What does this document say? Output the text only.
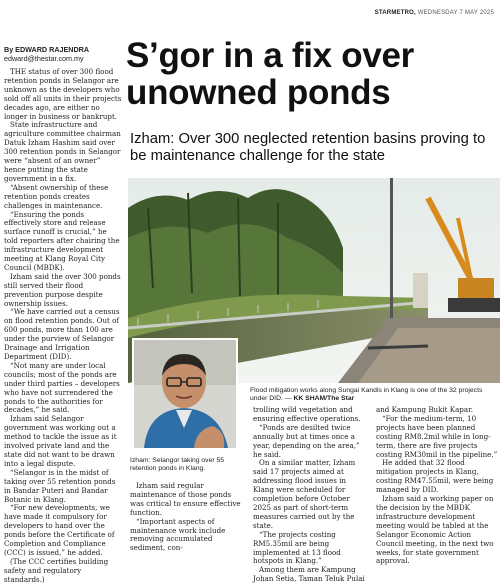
STARMETRO, WEDNESDAY 7 MAY 2025
By EDWARD RAJENDRA
edward@thestar.com.my

THE status of over 300 flood retention ponds in Selangor are unknown as the developers who sold off all units in their projects decades ago, are either no longer in business or bankrupt.

State infrastructure and agriculture committee chairman Datuk Izham Hashim said over 300 retention ponds in Selangor were “absent of an owner” hence putting the state government in a fix.

“Absent ownership of these retention ponds creates challenges in maintenance.

“Ensuring the ponds effectively store and release surface runoff is crucial,” he told reporters after chairing the infrastructure development meeting at Klang Royal City Council (MBDK).

Izham said the over 300 ponds still served their flood prevention purpose despite ownership issues.

“We have carried out a census on flood retention ponds. Out of 600 ponds, more than 100 are under the purview of Selangor Drainage and Irrigation Department (DID).

“Not many are under local councils; most of the ponds are under third parties – developers who have not surrendered the ponds to the authorities for decades,” he said.

Izham said Selangor government was working out a method to tackle the issue as it involved private land and the state did not want to be drawn into a legal dispute.

“Selangor is in the midst of taking over 55 retention ponds in Bandar Puteri and Bandar Botanic in Klang.

“For new developments, we have made it compulsory for developers to hand over the ponds before the Certificate of Completion and Compliance (CCC) is issued,” he added.

(The CCC certifies building safety and regulatory standards.)

S’gor in a fix over unowned ponds
Izham: Over 300 neglected retention basins proving to be maintenance challenge for the state
Flood mitigation works along Sungai Kandis in Klang is one of the 32 projects under DID. — KK SHAM/The Star
Izham: Selangor taking over 55 retention ponds in Klang.

Izham said regular maintenance of those ponds was critical to ensure effective function.

“Important aspects of maintenance work include removing accumulated sediment, con-

trolling wild vegetation and ensuring effective operations.

“Ponds are desilted twice annually but at times once a year, depending on the area,” he said.

On a similar matter, Izham said 17 projects aimed at addressing flood issues in Klang were scheduled for completion before October 2025 as part of short-term measures carried out by the state.

“The projects costing RM5.35mil are being implemented at 13 flood hotspots in Klang.”

Among them are Kampung Johan Setia, Taman Teluk Pulai

and Kampung Bukit Kapar.

“For the medium-term, 10 projects have been planned costing RM8.2mil while in long-term, there are five projects costing RM30mil in the pipeline.”

He added that 32 flood mitigation projects in Klang, costing RM47.55mil, were being managed by DID.

Izham said a working paper on the decision by the MBDK infrastructure development meeting would be tabled at the Selangor Economic Action Council meeting, in the next two weeks, for state government approval.
